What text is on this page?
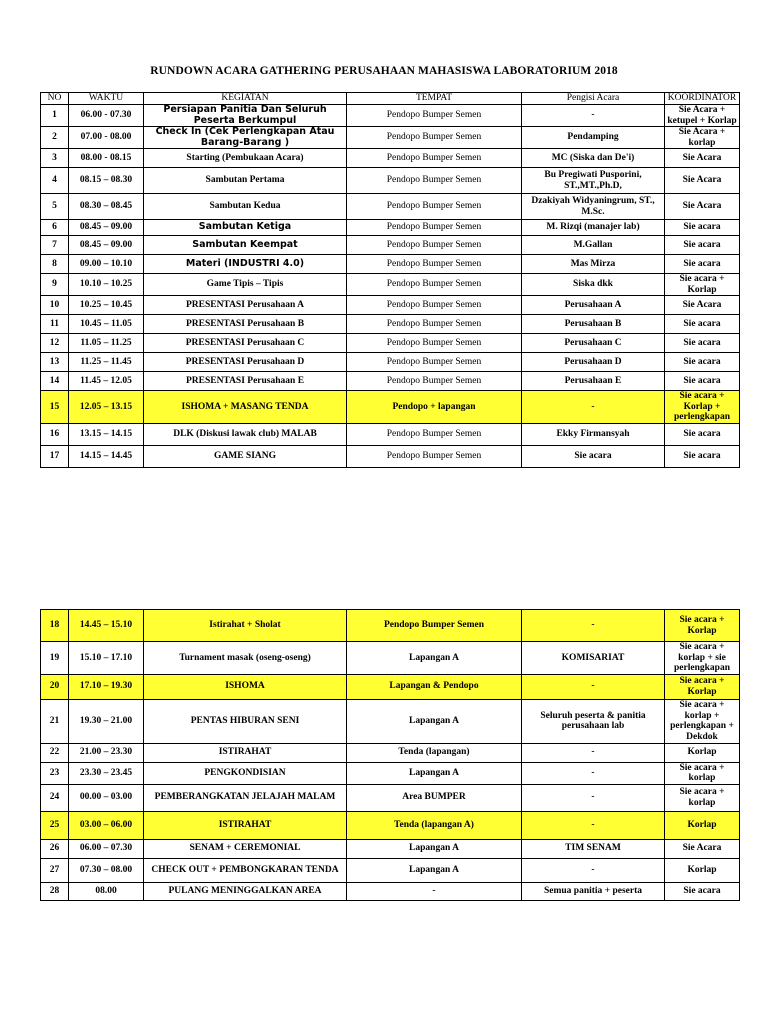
RUNDOWN ACARA GATHERING PERUSAHAAN MAHASISWA LABORATORIUM 2018
NO	WAKTU	KEGIATAN	TEMPAT	Pengisi Acara	KOORDINATOR
1	06.00 - 07.30	Persiapan Panitia Dan Seluruh Peserta Berkumpul	Pendopo Bumper Semen	-	Sie Acara + ketupel + Korlap
2	07.00 - 08.00	Check In (Cek Perlengkapan Atau Barang-Barang )	Pendopo Bumper Semen	Pendamping	Sie Acara + korlap
3	08.00 - 08.15	Starting (Pembukaan Acara)	Pendopo Bumper Semen	MC (Siska dan De'i)	Sie Acara
4	08.15 – 08.30	Sambutan Pertama	Pendopo Bumper Semen	Bu Pregiwati Pusporini, ST.,MT.,Ph.D,	Sie Acara
5	08.30 – 08.45	Sambutan Kedua	Pendopo Bumper Semen	Dzakiyah Widyaningrum, ST., M.Sc.	Sie Acara
6	08.45 – 09.00	Sambutan Ketiga	Pendopo Bumper Semen	M. Rizqi (manajer lab)	Sie acara
7	08.45 – 09.00	Sambutan Keempat	Pendopo Bumper Semen	M.Gallan	Sie acara
8	09.00 – 10.10	Materi (INDUSTRI 4.0)	Pendopo Bumper Semen	Mas Mirza	Sie acara
9	10.10 – 10.25	Game Tipis – Tipis	Pendopo Bumper Semen	Siska dkk	Sie acara + Korlap
10	10.25 – 10.45	PRESENTASI Perusahaan A	Pendopo Bumper Semen	Perusahaan A	Sie Acara
11	10.45 – 11.05	PRESENTASI Perusahaan B	Pendopo Bumper Semen	Perusahaan B	Sie acara
12	11.05 – 11.25	PRESENTASI Perusahaan C	Pendopo Bumper Semen	Perusahaan C	Sie acara
13	11.25 – 11.45	PRESENTASI Perusahaan D	Pendopo Bumper Semen	Perusahaan D	Sie acara
14	11.45 – 12.05	PRESENTASI Perusahaan E	Pendopo Bumper Semen	Perusahaan E	Sie acara
15	12.05 – 13.15	ISHOMA + MASANG TENDA	Pendopo + lapangan	-	Sie acara + Korlap + perlengkapan
16	13.15 – 14.15	DLK (Diskusi lawak club) MALAB	Pendopo Bumper Semen	Ekky Firmansyah	Sie acara
17	14.15 – 14.45	GAME SIANG	Pendopo Bumper Semen	Sie acara	Sie acara
18	14.45 – 15.10	Istirahat + Sholat	Pendopo Bumper Semen	-	Sie acara + Korlap
19	15.10 – 17.10	Turnament masak (oseng-oseng)	Lapangan A	KOMISARIAT	Sie acara + korlap + sie perlengkapan
20	17.10 – 19.30	ISHOMA	Lapangan & Pendopo	-	Sie acara + Korlap
21	19.30 – 21.00	PENTAS HIBURAN SENI	Lapangan A	Seluruh peserta & panitia perusahaan lab	Sie acara + korlap + perlengkapan + Dekdok
22	21.00 – 23.30	ISTIRAHAT	Tenda (lapangan)	-	Korlap
23	23.30 – 23.45	PENGKONDISIAN	Lapangan A	-	Sie acara + korlap
24	00.00 – 03.00	PEMBERANGKATAN JELAJAH MALAM	Area BUMPER	-	Sie acara + korlap
25	03.00 – 06.00	ISTIRAHAT	Tenda (lapangan A)	-	Korlap
26	06.00 – 07.30	SENAM + CEREMONIAL	Lapangan A	TIM SENAM	Sie Acara
27	07.30 – 08.00	CHECK OUT + PEMBONGKARAN TENDA	Lapangan A	-	Korlap
28	08.00	PULANG MENINGGALKAN AREA	-	Semua panitia + peserta	Sie acara
